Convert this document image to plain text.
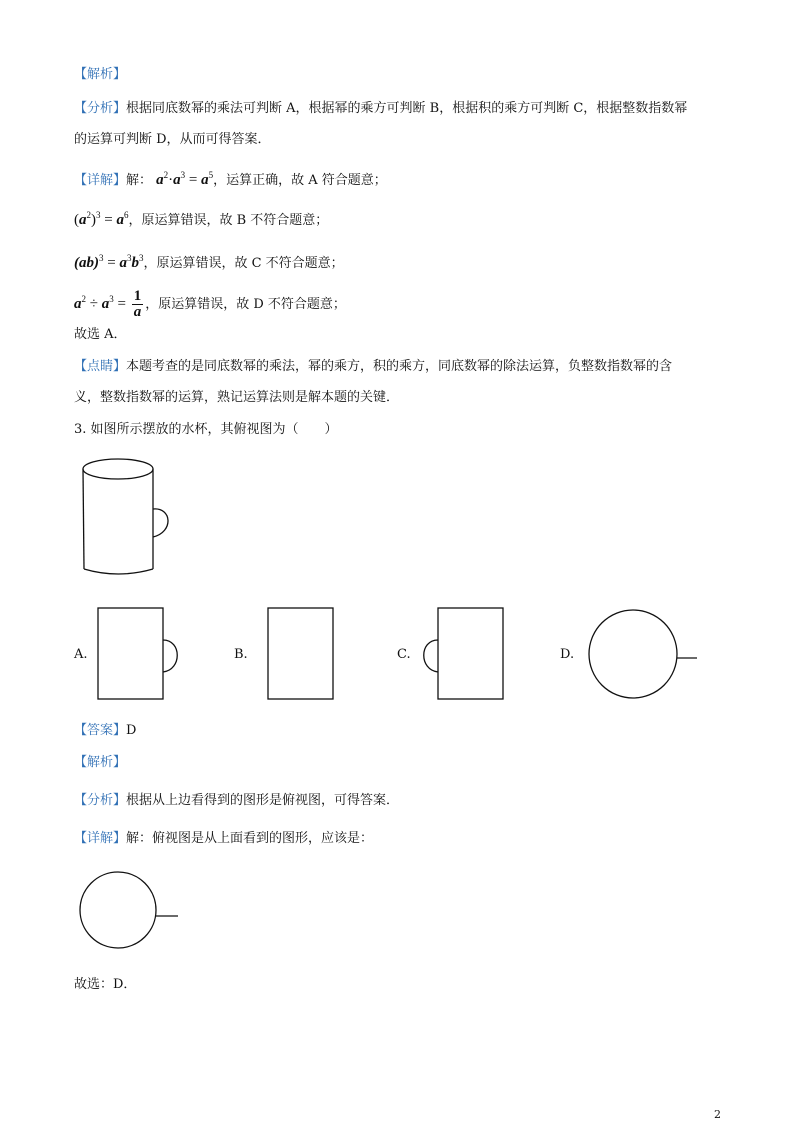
【解析】
【分析】根据同底数幂的乘法可判断 A，根据幂的乘方可判断 B，根据积的乘方可判断 C，根据整数指数幂
的运算可判断 D，从而可得答案．
【详解】解： $a^2\cdot a^3 = a^5$，运算正确，故 A 符合题意；
$(a^2)^3 = a^6$，原运算错误，故 B 不符合题意；
$(ab)^3 = a^3b^3$，原运算错误，故 C 不符合题意；
$a^2 \div a^3 = \frac{1}{a}$ ，原运算错误，故 D 不符合题意；
故选 A．
【点睛】本题考查的是同底数幂的乘法，幂的乘方，积的乘方，同底数幂的除法运算，负整数指数幂的含
义，整数指数幂的运算，熟记运算法则是解本题的关键．
3. 如图所示摆放的水杯，其俯视图为（　　）
A.	B.	C.	D.
【答案】D
【解析】
【分析】根据从上边看得到的图形是俯视图，可得答案．
【详解】解：俯视图是从上面看到的图形，应该是：
故选：D．
2
